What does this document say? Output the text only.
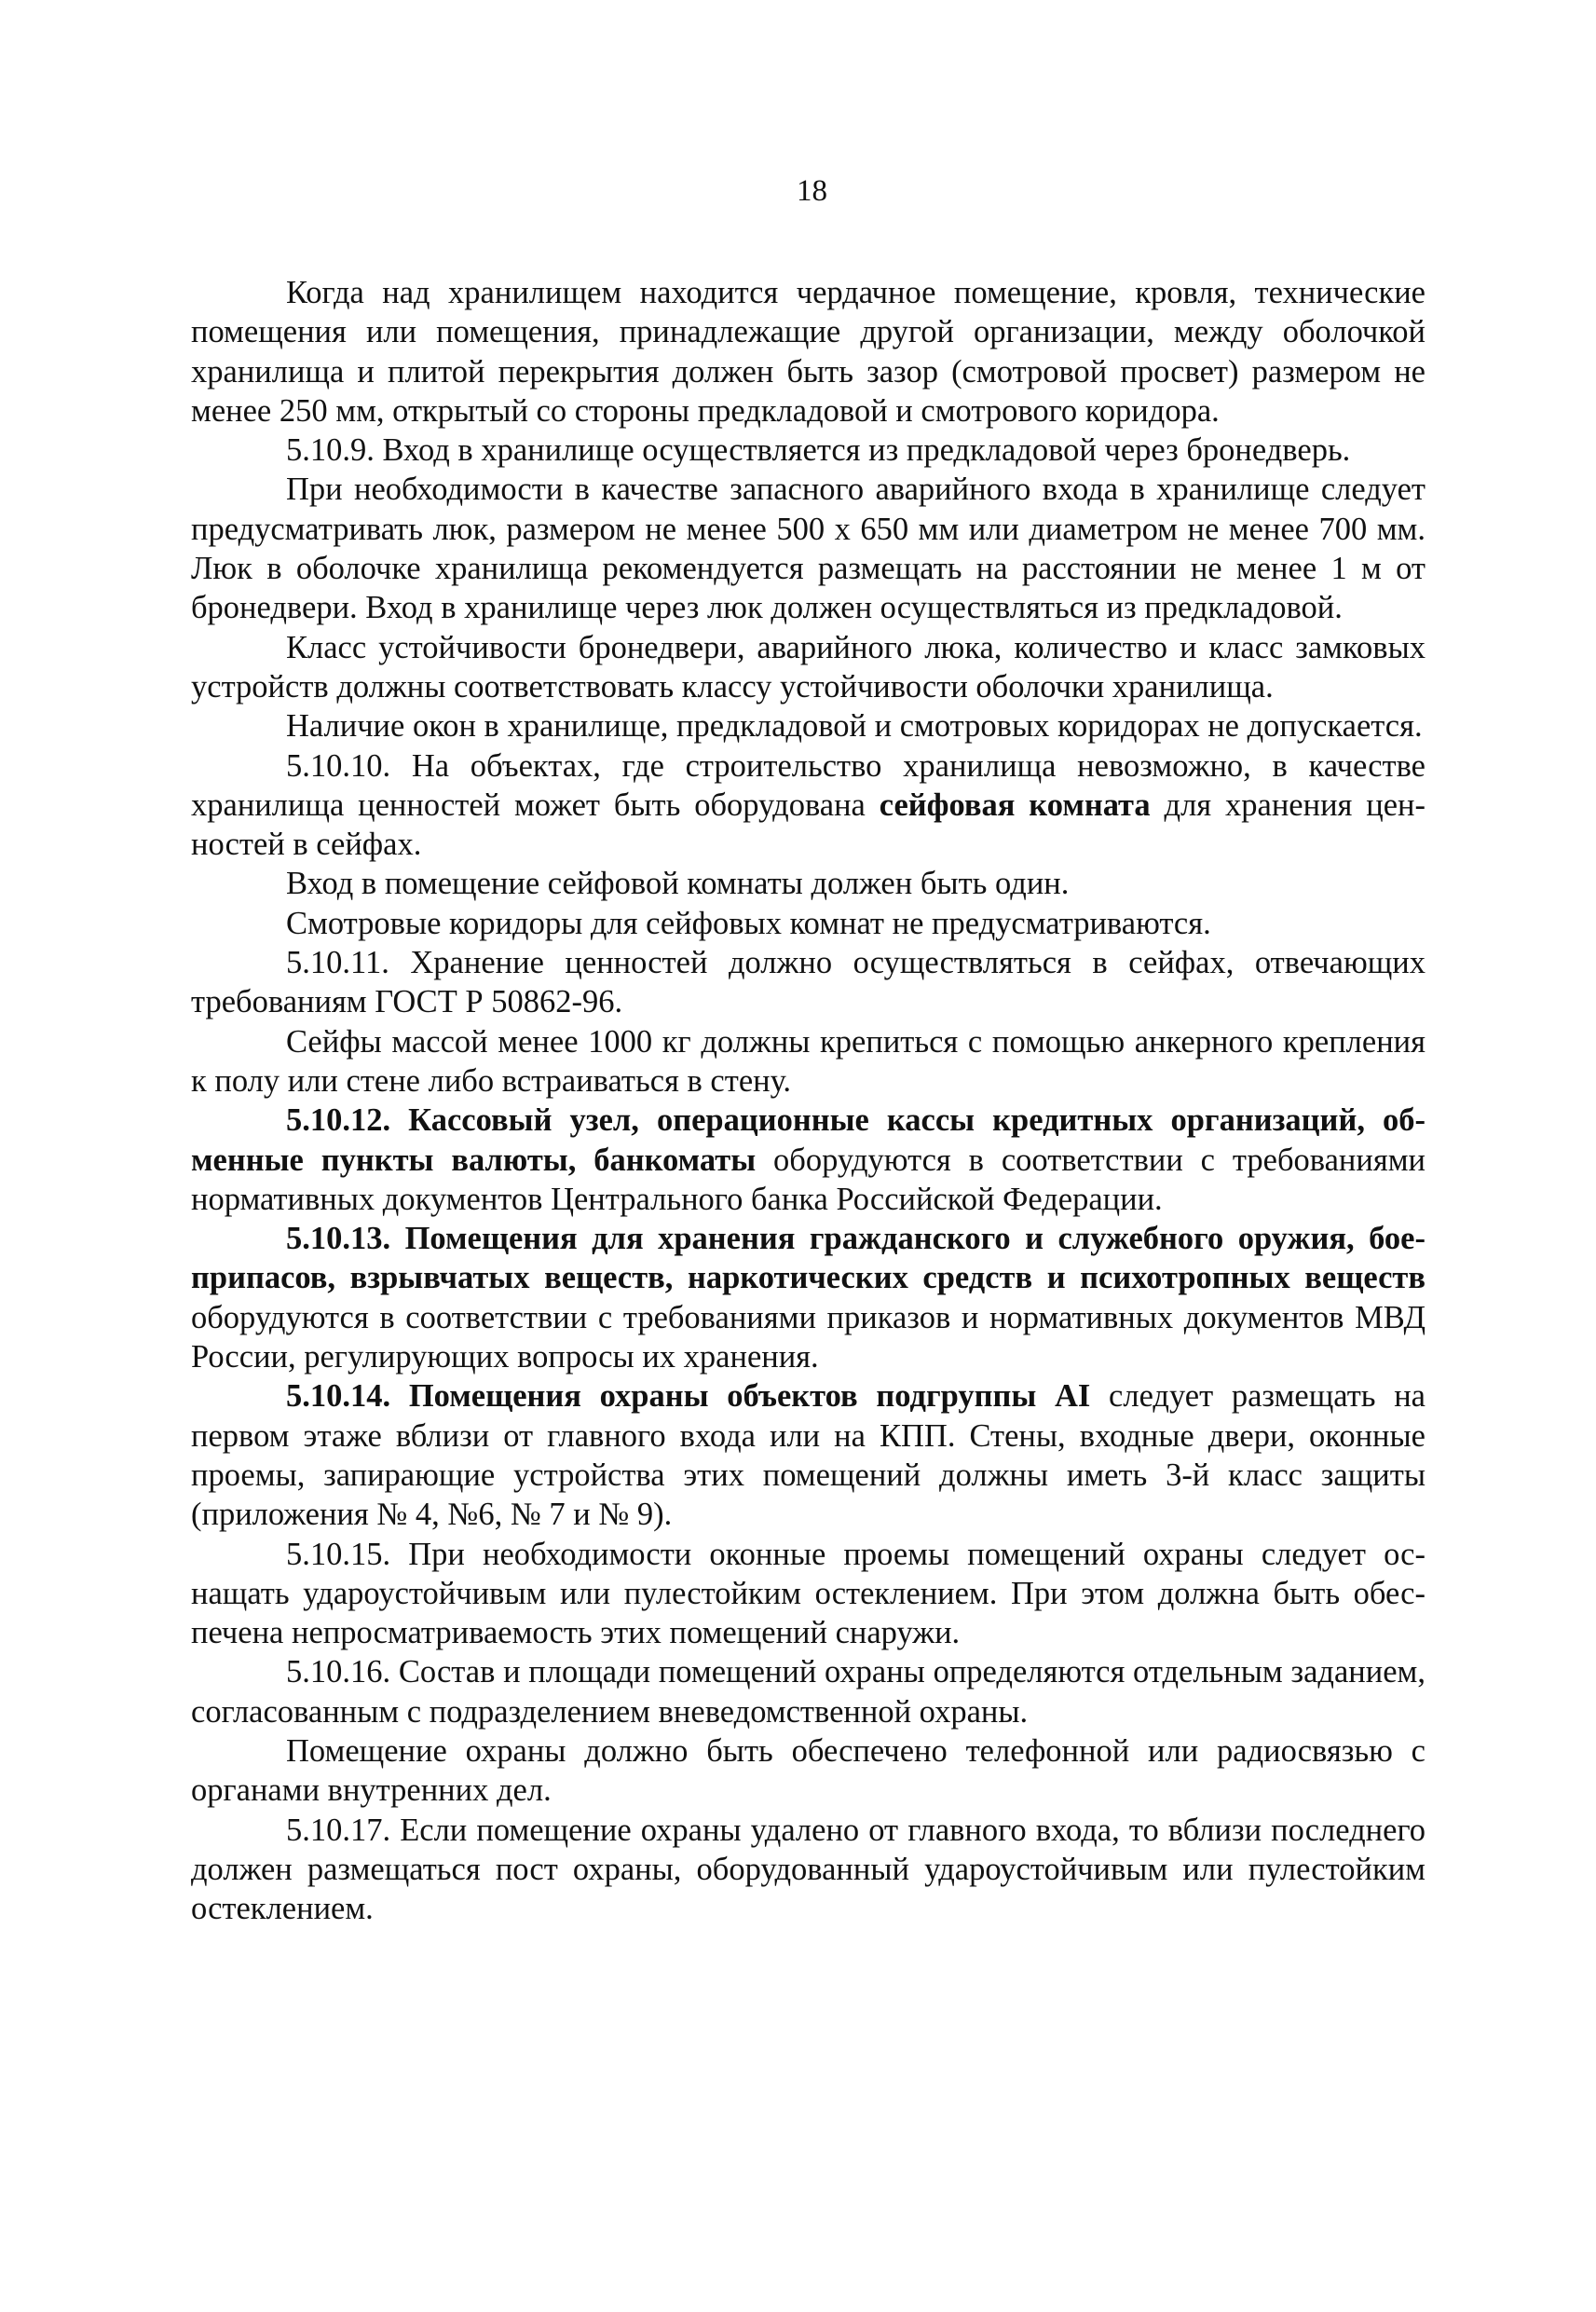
18

Когда над хранилищем находится чердачное помещение, кровля, технические помещения или помещения, принадлежащие другой организации, между оболочкой хранилища и плитой перекрытия должен быть зазор (смотровой просвет) размером не менее 250 мм, открытый со стороны предкладовой и смотрового коридора.

5.10.9. Вход в хранилище осуществляется из предкладовой через бронедверь.

При необходимости в качестве запасного аварийного входа в хранилище следует предусматривать люк, размером не менее 500 х 650 мм или диаметром не менее 700 мм. Люк в оболочке хранилища рекомендуется размещать на расстоянии не менее 1 м от бронедвери. Вход в хранилище через люк должен осуществляться из предкладовой.

Класс устойчивости бронедвери, аварийного люка, количество и класс замковых устройств должны соответствовать классу устойчивости оболочки хранилища.

Наличие окон в хранилище, предкладовой и смотровых коридорах не допускается.

5.10.10. На объектах, где строительство хранилища невозможно, в качестве хранилища ценностей может быть оборудована сейфовая комната для хранения ценностей в сейфах.

Вход в помещение сейфовой комнаты должен быть один.

Смотровые коридоры для сейфовых комнат не предусматриваются.

5.10.11. Хранение ценностей должно осуществляться в сейфах, отвечающих требованиям ГОСТ Р 50862-96.

Сейфы массой менее 1000 кг должны крепиться с помощью анкерного крепления к полу или стене либо встраиваться в стену.

5.10.12. Кассовый узел, операционные кассы кредитных организаций, обменные пункты валюты, банкоматы оборудуются в соответствии с требованиями нормативных документов Центрального банка Российской Федерации.

5.10.13. Помещения для хранения гражданского и служебного оружия, боеприпасов, взрывчатых веществ, наркотических средств и психотропных веществ оборудуются в соответствии с требованиями приказов и нормативных документов МВД России, регулирующих вопросы их хранения.

5.10.14. Помещения охраны объектов подгруппы АI следует размещать на первом этаже вблизи от главного входа или на КПП. Стены, входные двери, оконные проемы, запирающие устройства этих помещений должны иметь 3-й класс защиты (приложения № 4, №6, № 7 и № 9).

5.10.15. При необходимости оконные проемы помещений охраны следует оснащать удароустойчивым или пулестойким остеклением. При этом должна быть обеспечена непросматриваемость этих помещений снаружи.

5.10.16. Состав и площади помещений охраны определяются отдельным заданием, согласованным с подразделением вневедомственной охраны.

Помещение охраны должно быть обеспечено телефонной или радиосвязью с органами внутренних дел.

5.10.17. Если помещение охраны удалено от главного входа, то вблизи последнего должен размещаться пост охраны, оборудованный удароустойчивым или пулестойким остеклением.
